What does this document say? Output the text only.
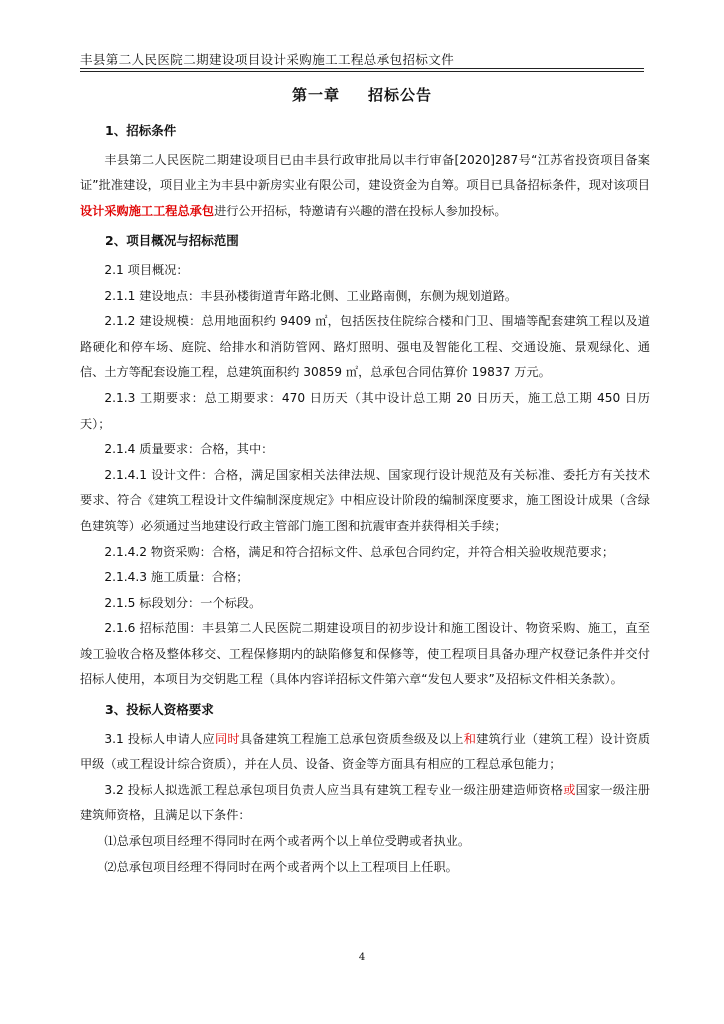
丰县第二人民医院二期建设项目设计采购施工工程总承包招标文件
第一章 招标公告

1、招标条件

丰县第二人民医院二期建设项目已由丰县行政审批局以丰行审备[2020]287号“江苏省投资项目备案证”批准建设，项目业主为丰县中新房实业有限公司，建设资金为自筹。项目已具备招标条件，现对该项目设计采购施工工程总承包进行公开招标，特邀请有兴趣的潜在投标人参加投标。

2、项目概况与招标范围

2.1 项目概况：

2.1.1 建设地点：丰县孙楼街道青年路北侧、工业路南侧，东侧为规划道路。

2.1.2 建设规模：总用地面积约 9409 ㎡，包括医技住院综合楼和门卫、围墙等配套建筑工程以及道路硬化和停车场、庭院、给排水和消防管网、路灯照明、强电及智能化工程、交通设施、景观绿化、通信、土方等配套设施工程，总建筑面积约 30859 ㎡，总承包合同估算价 19837 万元。

2.1.3 工期要求：总工期要求：470 日历天（其中设计总工期 20 日历天，施工总工期 450 日历天）；

2.1.4 质量要求：合格，其中：

2.1.4.1 设计文件：合格，满足国家相关法律法规、国家现行设计规范及有关标准、委托方有关技术要求、符合《建筑工程设计文件编制深度规定》中相应设计阶段的编制深度要求，施工图设计成果（含绿色建筑等）必须通过当地建设行政主管部门施工图和抗震审查并获得相关手续；

2.1.4.2 物资采购：合格，满足和符合招标文件、总承包合同约定，并符合相关验收规范要求；

2.1.4.3 施工质量：合格；

2.1.5 标段划分：一个标段。

2.1.6 招标范围：丰县第二人民医院二期建设项目的初步设计和施工图设计、物资采购、施工，直至竣工验收合格及整体移交、工程保修期内的缺陷修复和保修等，使工程项目具备办理产权登记条件并交付招标人使用，本项目为交钥匙工程（具体内容详招标文件第六章“发包人要求”及招标文件相关条款）。

3、投标人资格要求

3.1 投标人申请人应同时具备建筑工程施工总承包资质叁级及以上和建筑行业（建筑工程）设计资质甲级（或工程设计综合资质），并在人员、设备、资金等方面具有相应的工程总承包能力；

3.2 投标人拟选派工程总承包项目负责人应当具有建筑工程专业一级注册建造师资格或国家一级注册建筑师资格，且满足以下条件：

⑴总承包项目经理不得同时在两个或者两个以上单位受聘或者执业。

⑵总承包项目经理不得同时在两个或者两个以上工程项目上任职。

4
